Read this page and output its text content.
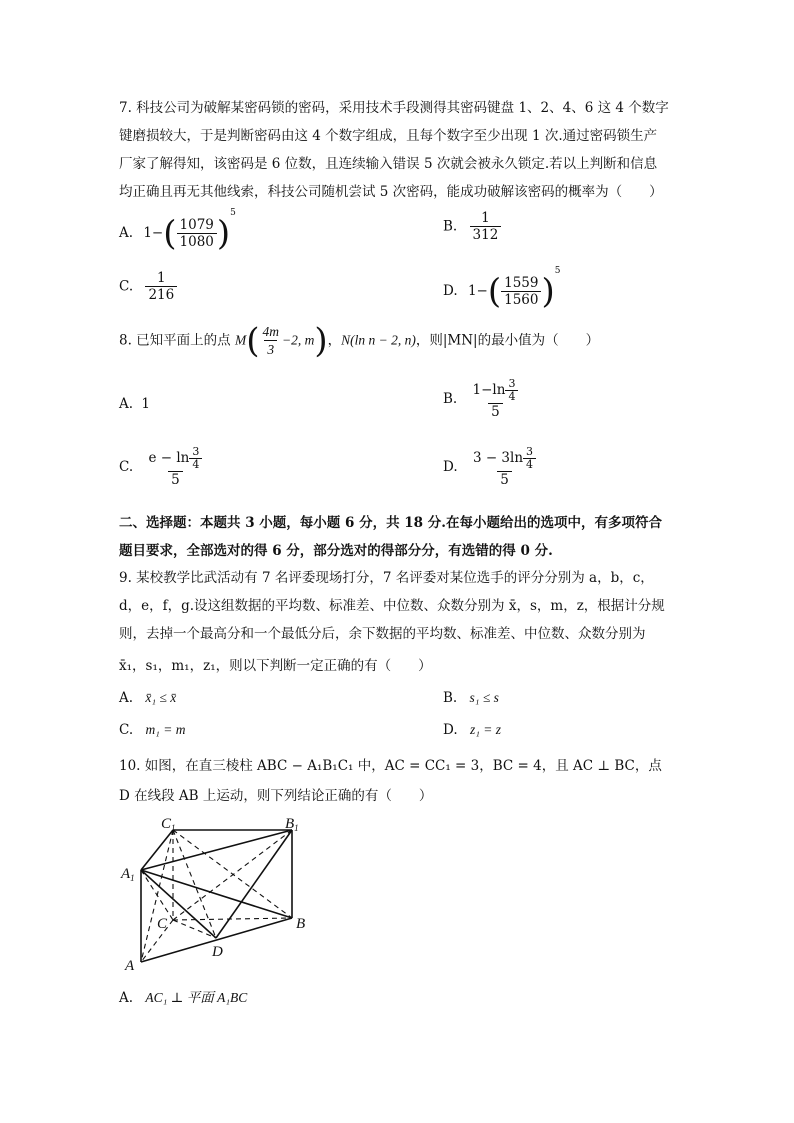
7. 科技公司为破解某密码锁的密码，采用技术手段测得其密码键盘 1、2、4、6 这 4 个数字
键磨损较大，于是判断密码由这 4 个数字组成，且每个数字至少出现 1 次.通过密码锁生产
厂家了解得知，该密码是 6 位数，且连续输入错误 5 次就会被永久锁定.若以上判断和信息
均正确且再无其他线索，科技公司随机尝试 5 次密码，能成功破解该密码的概率为（　　）
A. $1-( \frac{1079}{1080} )^5$
B. $\frac{1}{312}$
C. $\frac{1}{216}$	D. $1-( \frac{1559}{1560} )^5$
8. 已知平面上的点 $M( \frac{4m}{3} -2$, m)，N(ln n − 2, n)，则|MN|的最小值为（　　）
A. 1	B. $\frac{1-\ln \frac{3}{4}}{5}$
C. $\frac{e - \ln \frac{3}{4}}{5}$	D. $\frac{3 - 3\ln \frac{3}{4}}{5}$
二、选择题：本题共 3 小题，每小题 6 分，共 18 分.在每小题给出的选项中，有多项符合
题目要求，全部选对的得 6 分，部分选对的得部分分，有选错的得 0 分.
9. 某校教学比武活动有 7 名评委现场打分，7 名评委对某位选手的评分分别为 a，b，c，
d，e，f，g.设这组数据的平均数、标准差、中位数、众数分别为 x̄，s，m，z，根据计分规
则，去掉一个最高分和一个最低分后，余下数据的平均数、标准差、中位数、众数分别为
x̄₁，s₁，m₁，z₁，则以下判断一定正确的有（　　）
A. x̄₁ ≤ x̄	B. s₁ ≤ s
C. m₁ = m	D. z₁ = z
10. 如图，在直三棱柱 ABC − A₁B₁C₁ 中，AC = CC₁ = 3，BC = 4，且 AC ⊥ BC，点
D 在线段 AB 上运动，则下列结论正确的有（　　）
$C_1$	$B_1$
$A_1$
C	B
A
D
A. AC₁ ⊥ 平面 A₁BC
